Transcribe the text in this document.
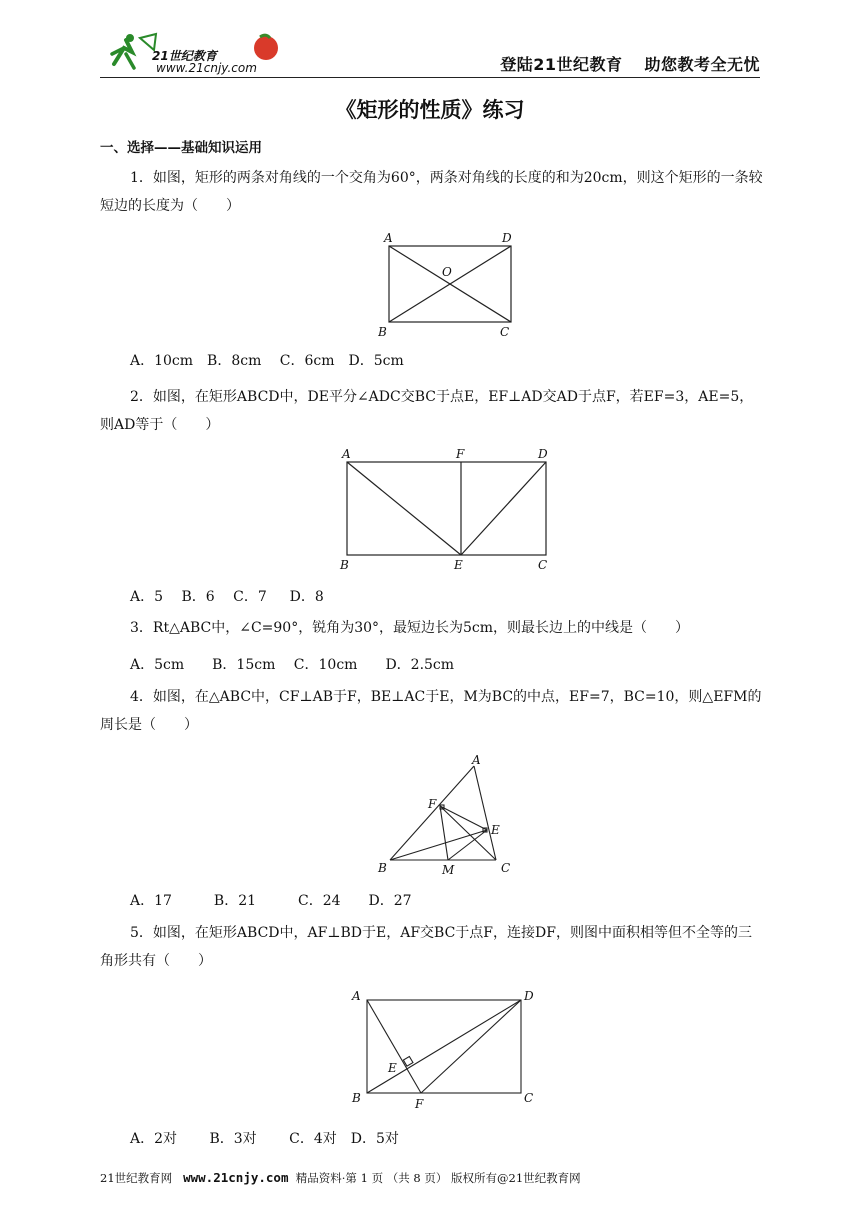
21世纪教育
www.21cnjy.com	登陆21世纪教育 助您教考全无忧
《矩形的性质》练习
一、选择——基础知识运用
1．如图，矩形的两条对角线的一个交角为60°，两条对角线的长度的和为20cm，则这个矩形的一条较短边的长度为（　　）
A	D
O
B	C
A．10cm　B．8cm　 C．6cm　D．5cm
2．如图，在矩形ABCD中，DE平分∠ADC交BC于点E，EF⊥AD交AD于点F，若EF=3，AE=5，则AD等于（　　）
A	F	D
B	E	C
A．5　 B．6　 C．7　  D．8
3．Rt△ABC中，∠C=90°，锐角为30°，最短边长为5cm，则最长边上的中线是（　　）
A．5cm　　B．15cm　 C．10cm　　D．2.5cm
4．如图，在△ABC中，CF⊥AB于F，BE⊥AC于E，M为BC的中点，EF=7，BC=10，则△EFM的周长是（　　）
A
F
E
B	M	C
A．17　　　B．21　　　C．24　　D．27
5．如图，在矩形ABCD中，AF⊥BD于E，AF交BC于点F，连接DF，则图中面积相等但不全等的三角形共有（　　）
A	D
E
B	F	C
A．2对　　 B．3对　　 C．4对　D．5对
21世纪教育网 www.21cnjy.com 精品资料·第 1 页 （共 8 页） 版权所有@21世纪教育网
